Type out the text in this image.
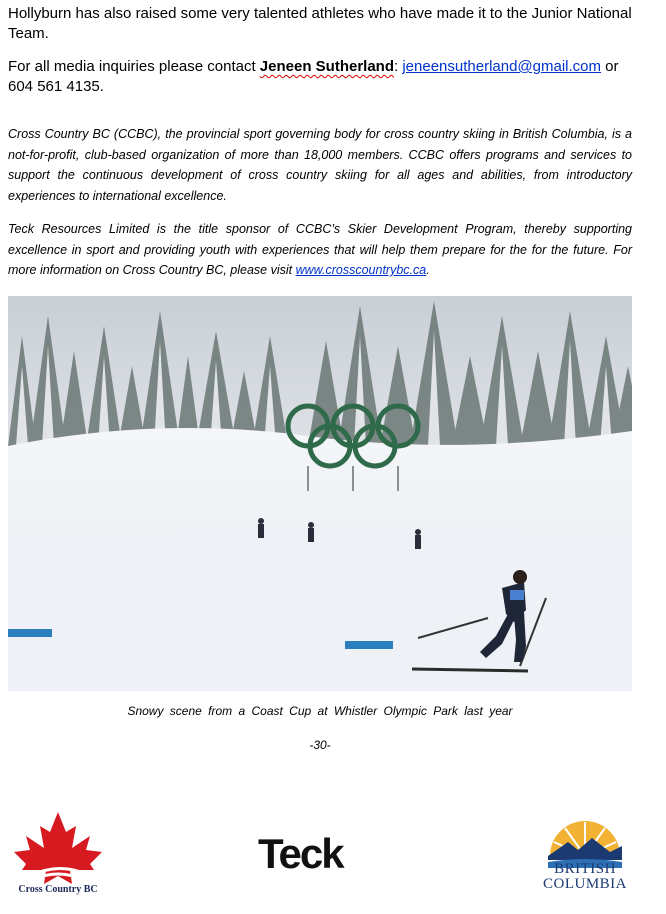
Hollyburn has also raised some very talented athletes who have made it to the Junior National Team.

For all media inquiries please contact Jeneen Sutherland: jeneensutherland@gmail.com or 604 561 4135.

Cross Country BC (CCBC), the provincial sport governing body for cross country skiing in British Columbia, is a not-for-profit, club-based organization of more than 18,000 members. CCBC offers programs and services to support the continuous development of cross country skiing for all ages and abilities, from introductory experiences to international excellence.

Teck Resources Limited is the title sponsor of CCBC’s Skier Development Program, thereby supporting excellence in sport and providing youth with experiences that will help them prepare for the for the future. For more information on Cross Country BC, please visit www.crosscountrybc.ca.

Snowy scene from a Coast Cup at Whistler Olympic Park last year
-30-
Cross Country BC
Teck	BRITISH
COLUMBIA
